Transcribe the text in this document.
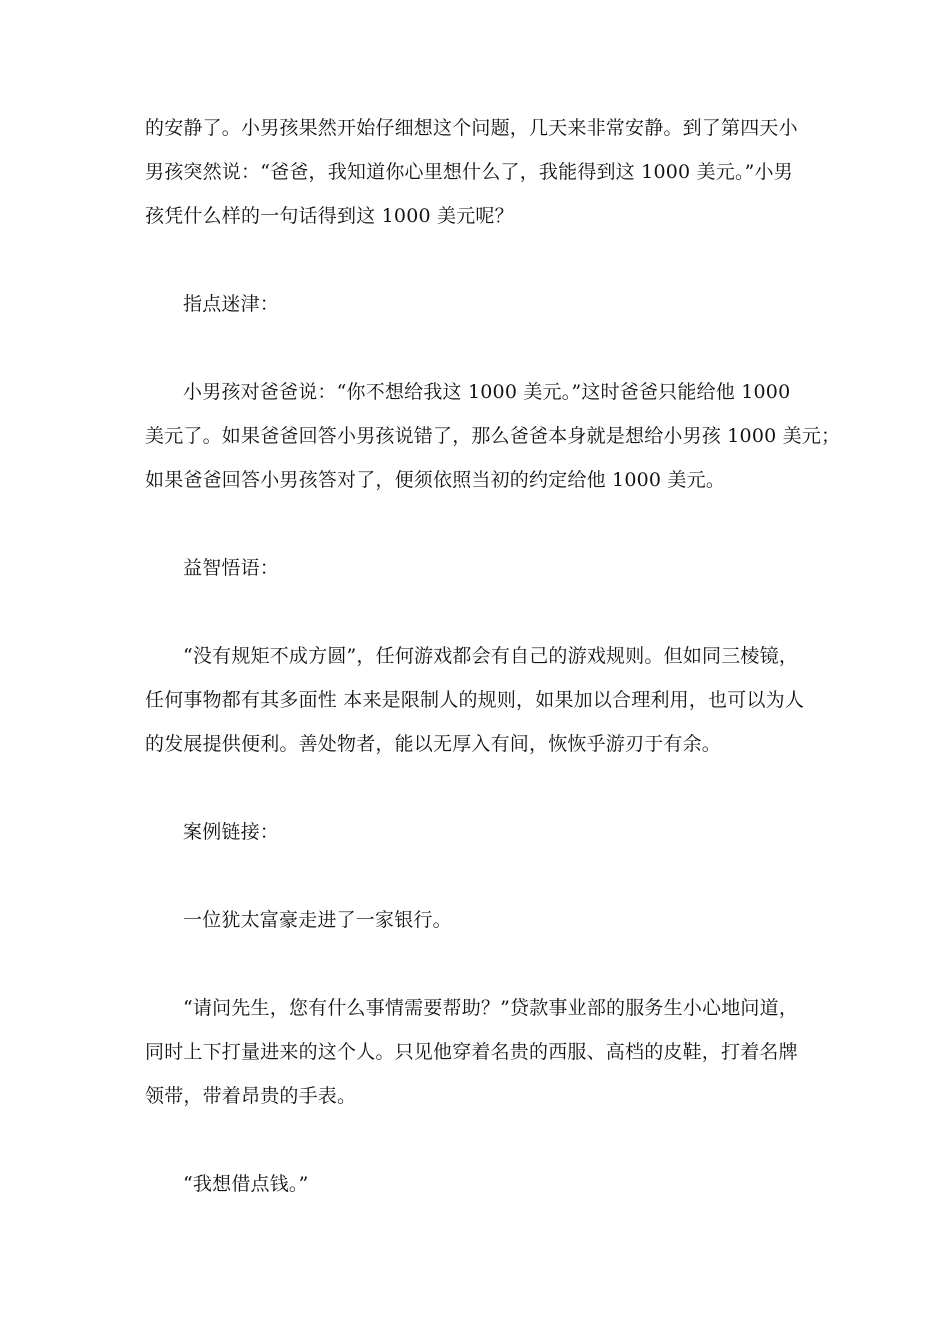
的安静了。小男孩果然开始仔细想这个问题，几天来非常安静。到了第四天小
男孩突然说：“爸爸，我知道你心里想什么了，我能得到这 1000 美元。”小男
孩凭什么样的一句话得到这 1000 美元呢？
指点迷津：
小男孩对爸爸说：“你不想给我这 1000 美元。”这时爸爸只能给他 1000
美元了。如果爸爸回答小男孩说错了，那么爸爸本身就是想给小男孩 1000 美元；
如果爸爸回答小男孩答对了，便须依照当初的约定给他 1000 美元。
益智悟语：
“没有规矩不成方圆”，任何游戏都会有自己的游戏规则。但如同三棱镜，
任何事物都有其多面性 本来是限制人的规则，如果加以合理利用，也可以为人
的发展提供便利。善处物者，能以无厚入有间，恢恢乎游刃于有余。
案例链接：
一位犹太富豪走进了一家银行。
“请问先生，您有什么事情需要帮助？”贷款事业部的服务生小心地问道，
同时上下打量进来的这个人。只见他穿着名贵的西服、高档的皮鞋，打着名牌
领带，带着昂贵的手表。
“我想借点钱。”
